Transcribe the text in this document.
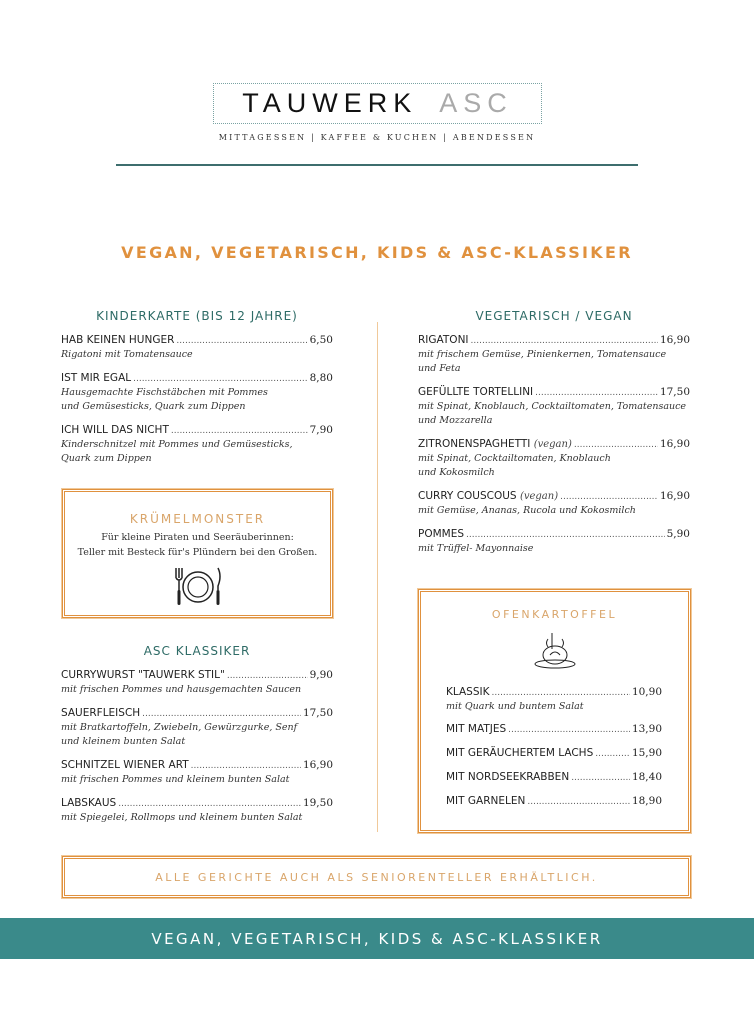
TAUWERK ASC
MITTAGESSEN | KAFFEE & KUCHEN | ABENDESSEN
VEGAN, VEGETARISCH, KIDS & ASC-KLASSIKER
KINDERKARTE (BIS 12 JAHRE)
HAB KEINEN HUNGER .....	6,50
Rigatoni mit Tomatensauce
IST MIR EGAL .....	8,80
Hausgemachte Fischstäbchen mit Pommes
und Gemüsesticks, Quark zum Dippen
ICH WILL DAS NICHT .....	7,90
Kinderschnitzel mit Pommes und Gemüsesticks,
Quark zum Dippen
KRÜMELMONSTER
Für kleine Piraten und Seeräuberinnen:
Teller mit Besteck für's Plündern bei den Großen.
ASC KLASSIKER
CURRYWURST "TAUWERK STIL" .....	9,90
mit frischen Pommes und hausgemachten Saucen
SAUERFLEISCH .....	17,50
mit Bratkartoffeln, Zwiebeln, Gewürzgurke, Senf
und kleinem bunten Salat
SCHNITZEL WIENER ART .....	16,90
mit frischen Pommes und kleinem bunten Salat
LABSKAUS .....	19,50
mit Spiegelei, Rollmops und kleinem bunten Salat
VEGETARISCH / VEGAN
RIGATONI .....	16,90
mit frischem Gemüse, Pinienkernen, Tomatensauce
und Feta
GEFÜLLTE TORTELLINI .....	17,50
mit Spinat, Knoblauch, Cocktailtomaten, Tomatensauce
und Mozzarella
ZITRONENSPAGHETTI (vegan) .....	16,90
mit Spinat, Cocktailtomaten, Knoblauch
und Kokosmilch
CURRY COUSCOUS (vegan) .....	16,90
mit Gemüse, Ananas, Rucola und Kokosmilch
POMMES .....	5,90
mit Trüffel- Mayonnaise
OFENKARTOFFEL
KLASSIK .....	10,90
mit Quark und buntem Salat
MIT MATJES .....	13,90
MIT GERÄUCHERTEM LACHS .....	15,90
MIT NORDSEEKRABBEN .....	18,40
MIT GARNELEN .....	18,90
ALLE GERICHTE AUCH ALS SENIORENTELLER ERHÄLTLICH.
VEGAN, VEGETARISCH, KIDS & ASC-KLASSIKER
